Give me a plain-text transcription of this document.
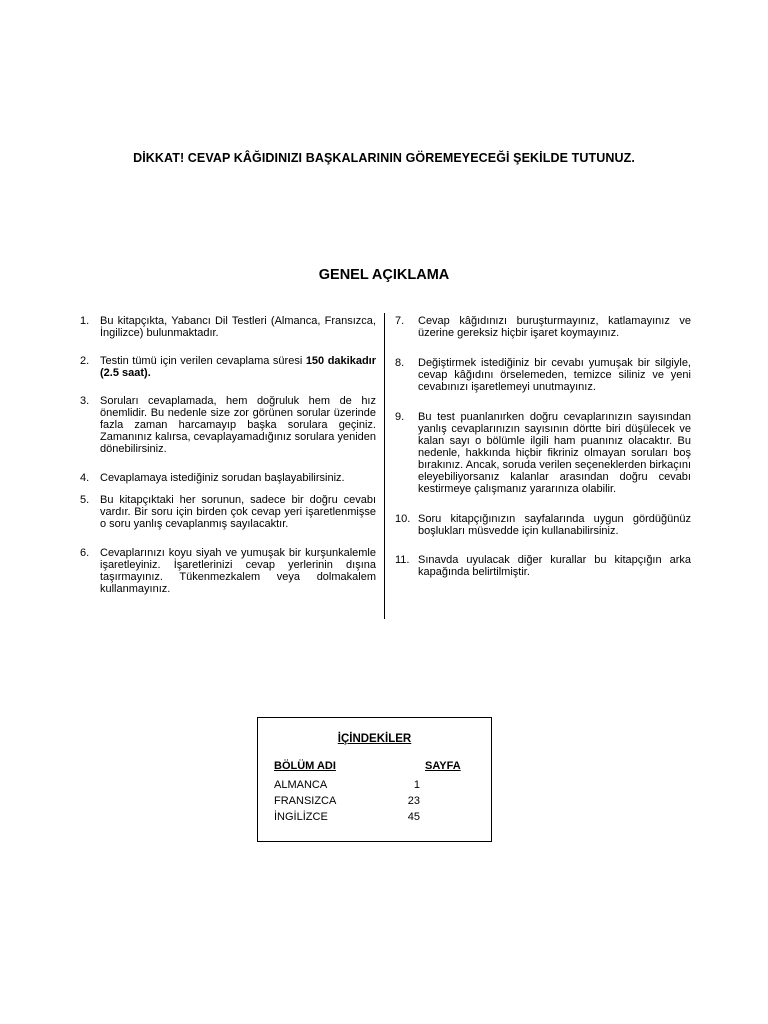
DİKKAT! CEVAP KÂĞIDINIZI BAŞKALARININ GÖREMEYECEĞİ ŞEKİLDE TUTUNUZ.
GENEL AÇIKLAMA
1. Bu kitapçıkta, Yabancı Dil Testleri (Almanca, Fransızca, İngilizce) bulunmaktadır.
2. Testin tümü için verilen cevaplama süresi 150 dakikadır (2.5 saat).
3. Soruları cevaplamada, hem doğruluk hem de hız önemlidir. Bu nedenle size zor görünen sorular üzerinde fazla zaman harcamayıp başka sorulara geçiniz. Zamanınız kalırsa, cevaplayamadığınız sorulara yeniden dönebilirsiniz.
4. Cevaplamaya istediğiniz sorudan başlayabilirsiniz.
5. Bu kitapçıktaki her sorunun, sadece bir doğru cevabı vardır. Bir soru için birden çok cevap yeri işaretlenmişse o soru yanlış cevaplanmış sayılacaktır.
6. Cevaplarınızı koyu siyah ve yumuşak bir kurşunkalemle işaretleyiniz. İşaretlerinizi cevap yerlerinin dışına taşırmayınız. Tükenmezkalem veya dolmakalem kullanmayınız.
7. Cevap kâğıdınızı buruşturmayınız, katlamayınız ve üzerine gereksiz hiçbir işaret koymayınız.
8. Değiştirmek istediğiniz bir cevabı yumuşak bir silgiyle, cevap kâğıdını örselemeden, temizce siliniz ve yeni cevabınızı işaretlemeyi unutmayınız.
9. Bu test puanlanırken doğru cevaplarınızın sayısından yanlış cevaplarınızın sayısının dörtte biri düşülecek ve kalan sayı o bölümle ilgili ham puanınız olacaktır. Bu nedenle, hakkında hiçbir fikriniz olmayan soruları boş bırakınız. Ancak, soruda verilen seçeneklerden birkaçını eleyebiliyorsanız kalanlar arasından doğru cevabı kestirmeye çalışmanız yararınıza olabilir.
10. Soru kitapçığınızın sayfalarında uygun gördüğünüz boşlukları müsvedde için kullanabilirsiniz.
11. Sınavda uyulacak diğer kurallar bu kitapçığın arka kapağında belirtilmiştir.
İÇİNDEKİLER
BÖLÜM ADI	SAYFA
ALMANCA	1
FRANSIZCA	23
İNGİLİZCE	45
